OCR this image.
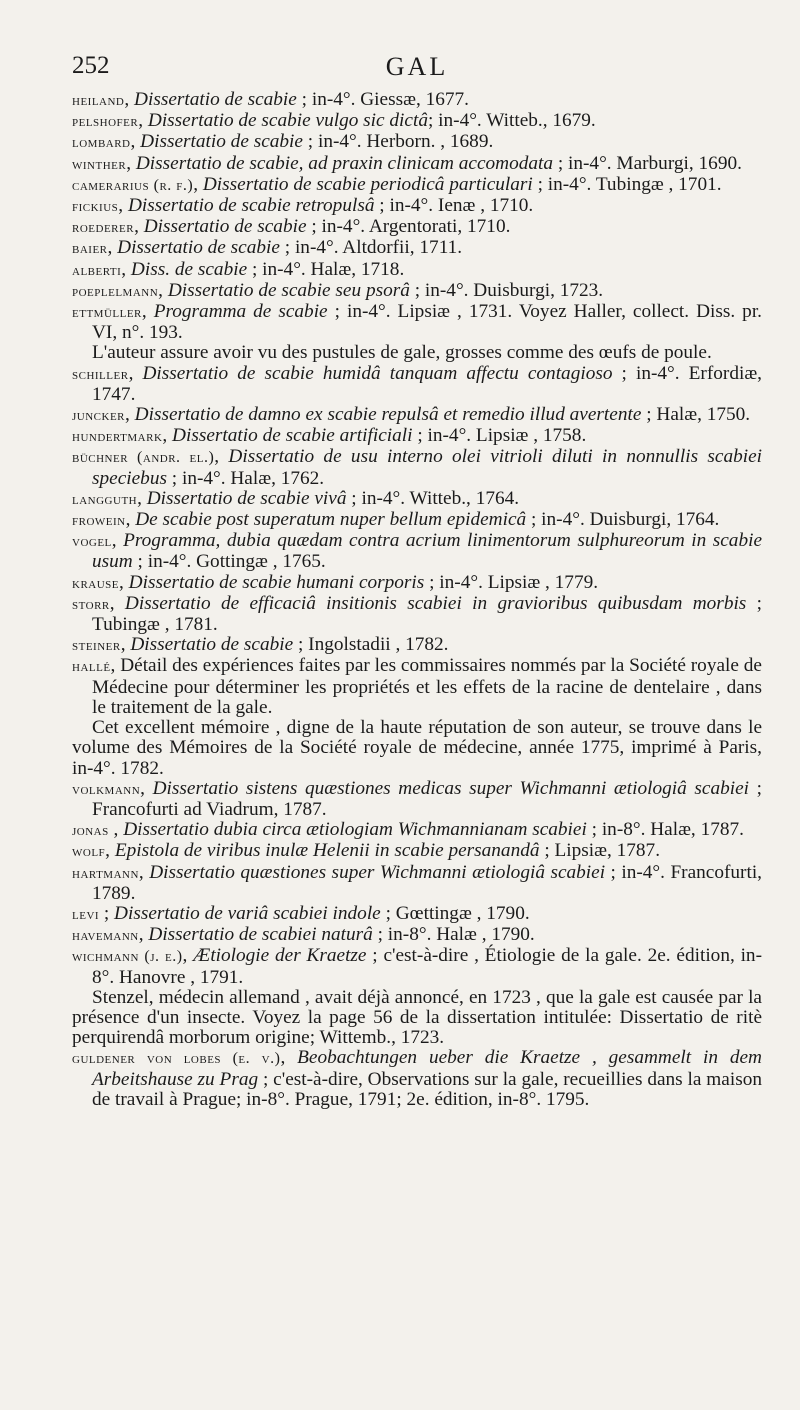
252	GAL

heiland, Dissertatio de scabie ; in-4°. Giessæ, 1677.

pelshofer, Dissertatio de scabie vulgo sic dictâ; in-4°. Witteb., 1679.

lombard, Dissertatio de scabie ; in-4°. Herborn. , 1689.

winther, Dissertatio de scabie, ad praxin clinicam accomodata ; in-4°. Marburgi, 1690.

camerarius (r. f.), Dissertatio de scabie periodicâ particulari ; in-4°. Tubingæ , 1701.

fickius, Dissertatio de scabie retropulsâ ; in-4°. Ienæ , 1710.

roederer, Dissertatio de scabie ; in-4°. Argentorati, 1710.

baier, Dissertatio de scabie ; in-4°. Altdorfii, 1711.

alberti, Diss. de scabie ; in-4°. Halæ, 1718.

poeplelmann, Dissertatio de scabie seu psorâ ; in-4°. Duisburgi, 1723.

ettmüller, Programma de scabie ; in-4°. Lipsiæ , 1731. Voyez Haller, collect. Diss. pr. VI, n°. 193.

L'auteur assure avoir vu des pustules de gale, grosses comme des œufs de poule.

schiller, Dissertatio de scabie humidâ tanquam affectu contagioso ; in-4°. Erfordiæ, 1747.

juncker, Dissertatio de damno ex scabie repulsâ et remedio illud avertente ; Halæ, 1750.

hundertmark, Dissertatio de scabie artificiali ; in-4°. Lipsiæ , 1758.

büchner (andr. el.), Dissertatio de usu interno olei vitrioli diluti in nonnullis scabiei speciebus ; in-4°. Halæ, 1762.

langguth, Dissertatio de scabie vivâ ; in-4°. Witteb., 1764.

frowein, De scabie post superatum nuper bellum epidemicâ ; in-4°. Duisburgi, 1764.

vogel, Programma, dubia quædam contra acrium linimentorum sulphureorum in scabie usum ; in-4°. Gottingæ , 1765.

krause, Dissertatio de scabie humani corporis ; in-4°. Lipsiæ , 1779.

storr, Dissertatio de efficaciâ insitionis scabiei in gravioribus quibusdam morbis ; Tubingæ , 1781.

steiner, Dissertatio de scabie ; Ingolstadii , 1782.

hallé, Détail des expériences faites par les commissaires nommés par la Société royale de Médecine pour déterminer les propriétés et les effets de la racine de dentelaire , dans le traitement de la gale.

Cet excellent mémoire , digne de la haute réputation de son auteur, se trouve dans le volume des Mémoires de la Société royale de médecine, année 1775, imprimé à Paris, in-4°. 1782.

volkmann, Dissertatio sistens quæstiones medicas super Wichmanni ætiologiâ scabiei ; Francofurti ad Viadrum, 1787.

jonas , Dissertatio dubia circa ætiologiam Wichmannianam scabiei ; in-8°. Halæ, 1787.

wolf, Epistola de viribus inulæ Helenii in scabie persanandâ ; Lipsiæ, 1787.

hartmann, Dissertatio quæstiones super Wichmanni ætiologiâ scabiei ; in-4°. Francofurti, 1789.

levi ; Dissertatio de variâ scabiei indole ; Gœttingæ , 1790.

havemann, Dissertatio de scabiei naturâ ; in-8°. Halæ , 1790.

wichmann (j. e.), Ætiologie der Kraetze ; c'est-à-dire , Étiologie de la gale. 2e. édition, in-8°. Hanovre , 1791.

Stenzel, médecin allemand , avait déjà annoncé, en 1723 , que la gale est causée par la présence d'un insecte. Voyez la page 56 de la dissertation intitulée: Dissertatio de ritè perquirendâ morborum origine; Wittemb., 1723.

guldener von lobes (e. v.), Beobachtungen ueber die Kraetze , gesammelt in dem Arbeitshause zu Prag ; c'est-à-dire, Observations sur la gale, recueillies dans la maison de travail à Prague; in-8°. Prague, 1791; 2e. édition, in-8°. 1795.
